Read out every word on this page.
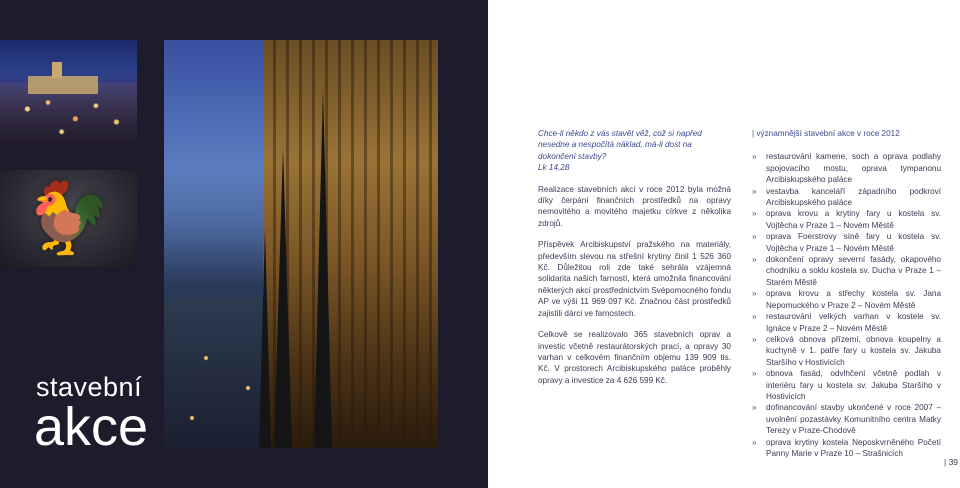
🐓
stavební
akce
Chce-li někdo z vás stavět věž, což si napřed nesedne a nespočítá náklad, má-li dost na dokončení stavby?
Lk 14,28

Realizace stavebních akcí v roce 2012 byla možná díky čerpání finančních prostředků na opravy nemovitého a movitého majetku církve z několika zdrojů.

Příspěvek Arcibiskupství pražského na materiály, především slevou na střešní krytiny činil 1 526 360 Kč. Důležitou roli zde také sehrála vzájemná solidarita našich farností, která umožnila financování některých akcí prostřednictvím Svépomocného fondu AP ve výši 11 969 097 Kč. Značnou část prostředků zajistili dárci ve farnostech.

Celkově se realizovalo 365 stavebních oprav a investic včetně restaurátorských prací, a opravy 30 varhan v celkovém finančním objemu 139 909 tis. Kč. V prostorech Arcibiskupského paláce proběhly opravy a investice za 4 626 599 Kč.

| významnější stavební akce v roce 2012
»	restaurování kamene, soch a oprava podlahy spojovacího mostu, oprava tympanonu Arcibiskupského paláce
»	vestavba kanceláří západního podkroví Arcibiskupského paláce
»	oprava krovu a krytiny fary u kostela sv. Vojtěcha v Praze 1 – Novém Městě
»	oprava Foerstrovy síně fary u kostela sv. Vojtěcha v Praze 1 – Novém Městě
»	dokončení opravy severní fasády, okapového chodníku a soklu kostela sv. Ducha v Praze 1 – Starém Městě
»	oprava krovu a střechy kostela sv. Jana Nepomuckého v Praze 2 – Novém Městě
»	restaurování velkých varhan v kostele sv. Ignáce v Praze 2 – Novém Městě
»	celková obnova přízemí, obnova koupelny a kuchyně v 1. patře fary u kostela sv. Jakuba Staršího v Hostivicích
»	obnova fasád, odvlhčení včetně podlah v interiéru fary u kostela sv. Jakuba Staršího v Hostivicích
»	dofinancování stavby ukončené v roce 2007 – uvolnění pozastávky Komunitního centra Matky Terezy v Praze-Chodově
»	oprava krytiny kostela Neposkvrněného Početí Panny Marie v Praze 10 – Strašnicích
| 39
